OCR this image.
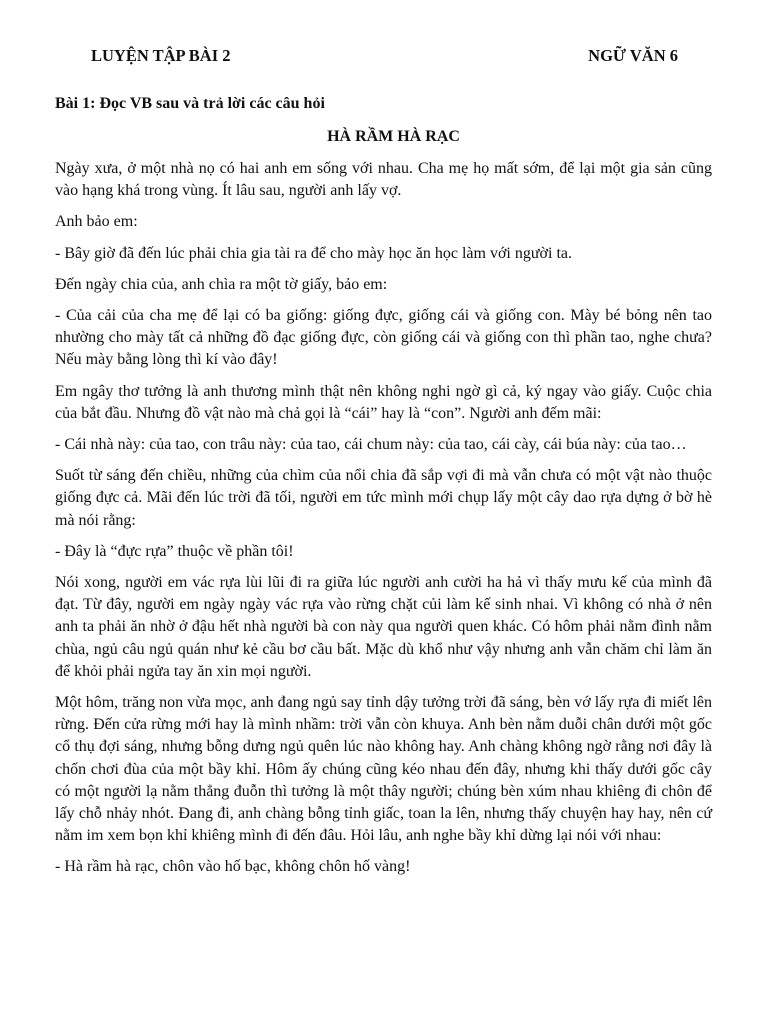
LUYỆN TẬP BÀI 2	NGỮ VĂN 6
Bài 1: Đọc VB sau và trả lời các câu hỏi
HÀ RẦM HÀ RẠC

Ngày xưa, ở một nhà nọ có hai anh em sống với nhau. Cha mẹ họ mất sớm, để lại một gia sản cũng vào hạng khá trong vùng. Ít lâu sau, người anh lấy vợ.

Anh bảo em:

- Bây giờ đã đến lúc phải chia gia tài ra để cho mày học ăn học làm với người ta.

Đến ngày chia của, anh chìa ra một tờ giấy, bảo em:

- Của cải của cha mẹ để lại có ba giống: giống đực, giống cái và giống con. Mày bé bỏng nên tao nhường cho mày tất cả những đồ đạc giống đực, còn giống cái và giống con thì phần tao, nghe chưa? Nếu mày bằng lòng thì kí vào đây!

Em ngây thơ tưởng là anh thương mình thật nên không nghi ngờ gì cả, ký ngay vào giấy. Cuộc chia của bắt đầu. Nhưng đồ vật nào mà chả gọi là “cái” hay là “con”. Người anh đếm mãi:

- Cái nhà này: của tao, con trâu này: của tao, cái chum này: của tao, cái cày, cái búa này: của tao…

Suốt từ sáng đến chiều, những của chìm của nổi chia đã sắp vợi đi mà vẫn chưa có một vật nào thuộc giống đực cả. Mãi đến lúc trời đã tối, người em tức mình mới chụp lấy một cây dao rựa dựng ở bờ hè mà nói rằng:

- Đây là “đực rựa” thuộc về phần tôi!

Nói xong, người em vác rựa lùi lũi đi ra giữa lúc người anh cười ha hả vì thấy mưu kế của mình đã đạt. Từ đây, người em ngày ngày vác rựa vào rừng chặt củi làm kế sinh nhai. Vì không có nhà ở nên anh ta phải ăn nhờ ở đậu hết nhà người bà con này qua người quen khác. Có hôm phải nằm đình nằm chùa, ngủ câu ngủ quán như kẻ cầu bơ cầu bất. Mặc dù khổ như vậy nhưng anh vẫn chăm chỉ làm ăn để khỏi phải ngửa tay ăn xin mọi người.

Một hôm, trăng non vừa mọc, anh đang ngủ say tỉnh dậy tưởng trời đã sáng, bèn vớ lấy rựa đi miết lên rừng. Đến cửa rừng mới hay là mình nhầm: trời vẫn còn khuya. Anh bèn nằm duỗi chân dưới một gốc cổ thụ đợi sáng, nhưng bỗng dưng ngủ quên lúc nào không hay. Anh chàng không ngờ rằng nơi đây là chốn chơi đùa của một bầy khỉ. Hôm ấy chúng cũng kéo nhau đến đây, nhưng khi thấy dưới gốc cây có một người lạ nằm thẳng đuỗn thì tưởng là một thây người; chúng bèn xúm nhau khiêng đi chôn để lấy chỗ nhảy nhót. Đang đi, anh chàng bỗng tỉnh giấc, toan la lên, nhưng thấy chuyện hay hay, nên cứ nằm im xem bọn khỉ khiêng mình đi đến đâu. Hỏi lâu, anh nghe bầy khỉ dừng lại nói với nhau:

- Hà rầm hà rạc, chôn vào hố bạc, không chôn hố vàng!
